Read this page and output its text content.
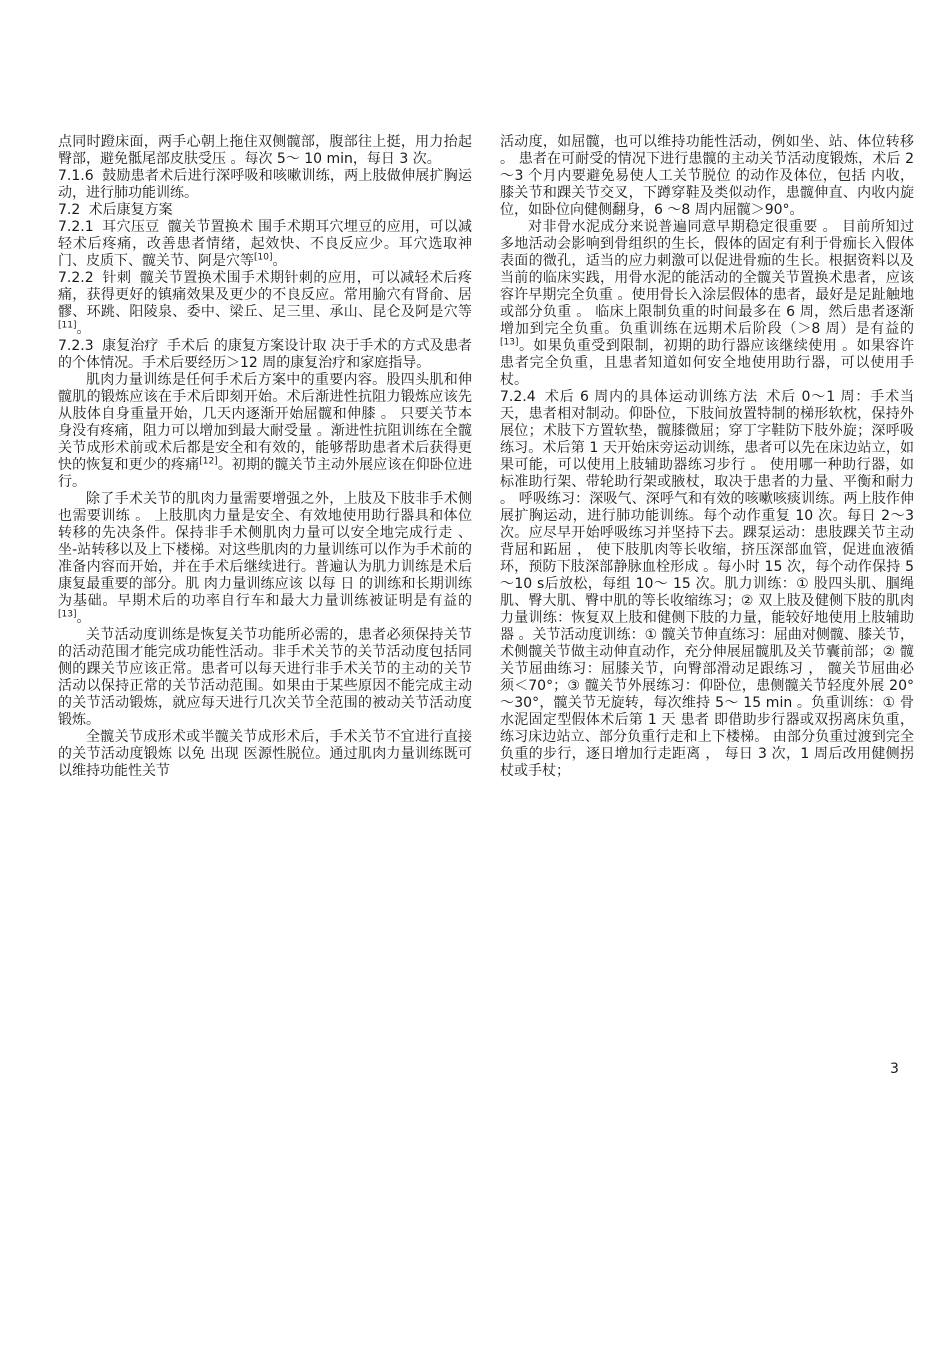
点同时蹬床面，两手心朝上拖住双侧髋部，腹部往上挺，用力抬起臀部，避免骶尾部皮肤受压 。每次 5～ 10 min，每日 3 次。

7.1.6 鼓励患者术后进行深呼吸和咳嗽训练，两上肢做伸展扩胸运动，进行肺功能训练。

7.2 术后康复方案

7.2.1 耳穴压豆 髋关节置换术 围手术期耳穴埋豆的应用，可以减轻术后疼痛，改善患者情绪，起效快、不良反应少。耳穴选取神门、皮质下、髋关节、阿是穴等[10]。

7.2.2 针刺 髋关节置换术围手术期针刺的应用，可以减轻术后疼痛，获得更好的镇痛效果及更少的不良反应。常用腧穴有肾俞、居髎、环跳、阳陵泉、委中、梁丘、足三里、承山、昆仑及阿是穴等[11]。

7.2.3 康复治疗 手术后 的康复方案设计取 决于手术的方式及患者的个体情况。手术后要经历＞12 周的康复治疗和家庭指导。

肌肉力量训练是任何手术后方案中的重要内容。股四头肌和伸髋肌的锻炼应该在手术后即刻开始。术后渐进性抗阻力锻炼应该先从肢体自身重量开始，几天内逐渐开始屈髋和伸膝 。 只要关节本身没有疼痛，阻力可以增加到最大耐受量 。渐进性抗阻训练在全髋关节成形术前或术后都是安全和有效的，能够帮助患者术后获得更快的恢复和更少的疼痛[12]。初期的髋关节主动外展应该在仰卧位进行。

除了手术关节的肌肉力量需要增强之外，上肢及下肢非手术侧也需要训练 。 上肢肌肉力量是安全、有效地使用助行器具和体位转移的先决条件。保持非手术侧肌肉力量可以安全地完成行走 、坐-站转移以及上下楼梯。对这些肌肉的力量训练可以作为手术前的准备内容而开始，并在手术后继续进行。普遍认为肌力训练是术后康复最重要的部分。肌 肉力量训练应该 以每 日 的训练和长期训练为基础。早期术后的功率自行车和最大力量训练被证明是有益的[13]。

关节活动度训练是恢复关节功能所必需的，患者必须保持关节的活动范围才能完成功能性活动。非手术关节的关节活动度包括同侧的踝关节应该正常。患者可以每天进行非手术关节的主动的关节活动以保持正常的关节活动范围。如果由于某些原因不能完成主动的关节活动锻炼，就应每天进行几次关节全范围的被动关节活动度锻炼。

全髋关节成形术或半髋关节成形术后，手术关节不宜进行直接 的关节活动度锻炼 以免 出现 医源性脱位。通过肌肉力量训练既可以维持功能性关节

活动度，如屈髋，也可以维持功能性活动，例如坐、站、体位转移 。 患者在可耐受的情况下进行患髋的主动关节活动度锻炼，术后 2～3 个月内要避免易使人工关节脱位 的动作及体位，包括 内收，膝关节和踝关节交叉，下蹲穿鞋及类似动作，患髋伸直、内收内旋位，如卧位向健侧翻身，6 ～8 周内屈髋＞90°。

对非骨水泥成分来说普遍同意早期稳定很重要 。 目前所知过多地活动会影响到骨组织的生长，假体的固定有利于骨痂长入假体表面的微孔，适当的应力刺激可以促进骨痂的生长。根据资料以及当前的临床实践，用骨水泥的能活动的全髋关节置换术患者，应该容许早期完全负重 。使用骨长入涂层假体的患者，最好是足趾触地或部分负重 。 临床上限制负重的时间最多在 6 周，然后患者逐渐增加到完全负重。负重训练在远期术后阶段（＞8 周）是有益的[13]。如果负重受到限制，初期的助行器应该继续使用 。如果容许患者完全负重，且患者知道如何安全地使用助行器，可以使用手杖。

7.2.4 术后 6 周内的具体运动训练方法 术后 0～1 周：手术当天，患者相对制动。仰卧位，下肢间放置特制的梯形软枕，保持外展位；术肢下方置软垫，髋膝微屈；穿丁字鞋防下肢外旋；深呼吸练习。术后第 1 天开始床旁运动训练，患者可以先在床边站立，如果可能，可以使用上肢辅助器练习步行 。 使用哪一种助行器，如标准助行架、带轮助行架或腋杖，取决于患者的力量、平衡和耐力 。 呼吸练习：深吸气、深呼气和有效的咳嗽咳痰训练。两上肢作伸展扩胸运动，进行肺功能训练。每个动作重复 10 次。每日 2～3 次。应尽早开始呼吸练习并坚持下去。踝泵运动：患肢踝关节主动背屈和跖屈 ， 使下肢肌肉等长收缩，挤压深部血管，促进血液循环，预防下肢深部静脉血栓形成 。每小时 15 次，每个动作保持 5～10 s后放松，每组 10～ 15 次。肌力训练：① 股四头肌、腘绳肌、臀大肌、臀中肌的等长收缩练习；② 双上肢及健侧下肢的肌肉力量训练：恢复双上肢和健侧下肢的力量，能较好地使用上肢辅助器 。关节活动度训练：① 髋关节伸直练习：屈曲对侧髋、膝关节，术侧髋关节做主动伸直动作，充分伸展屈髋肌及关节囊前部；② 髋关节屈曲练习：屈膝关节，向臀部滑动足跟练习 ， 髋关节屈曲必须＜70°；③ 髋关节外展练习：仰卧位，患侧髋关节轻度外展 20°～30°，髋关节无旋转，每次维持 5～ 15 min 。负重训练：① 骨水泥固定型假体术后第 1 天 患者 即借助步行器或双拐离床负重，练习床边站立、部分负重行走和上下楼梯。 由部分负重过渡到完全负重的步行，逐日增加行走距离 ， 每日 3 次，1 周后改用健侧拐杖或手杖；

3
